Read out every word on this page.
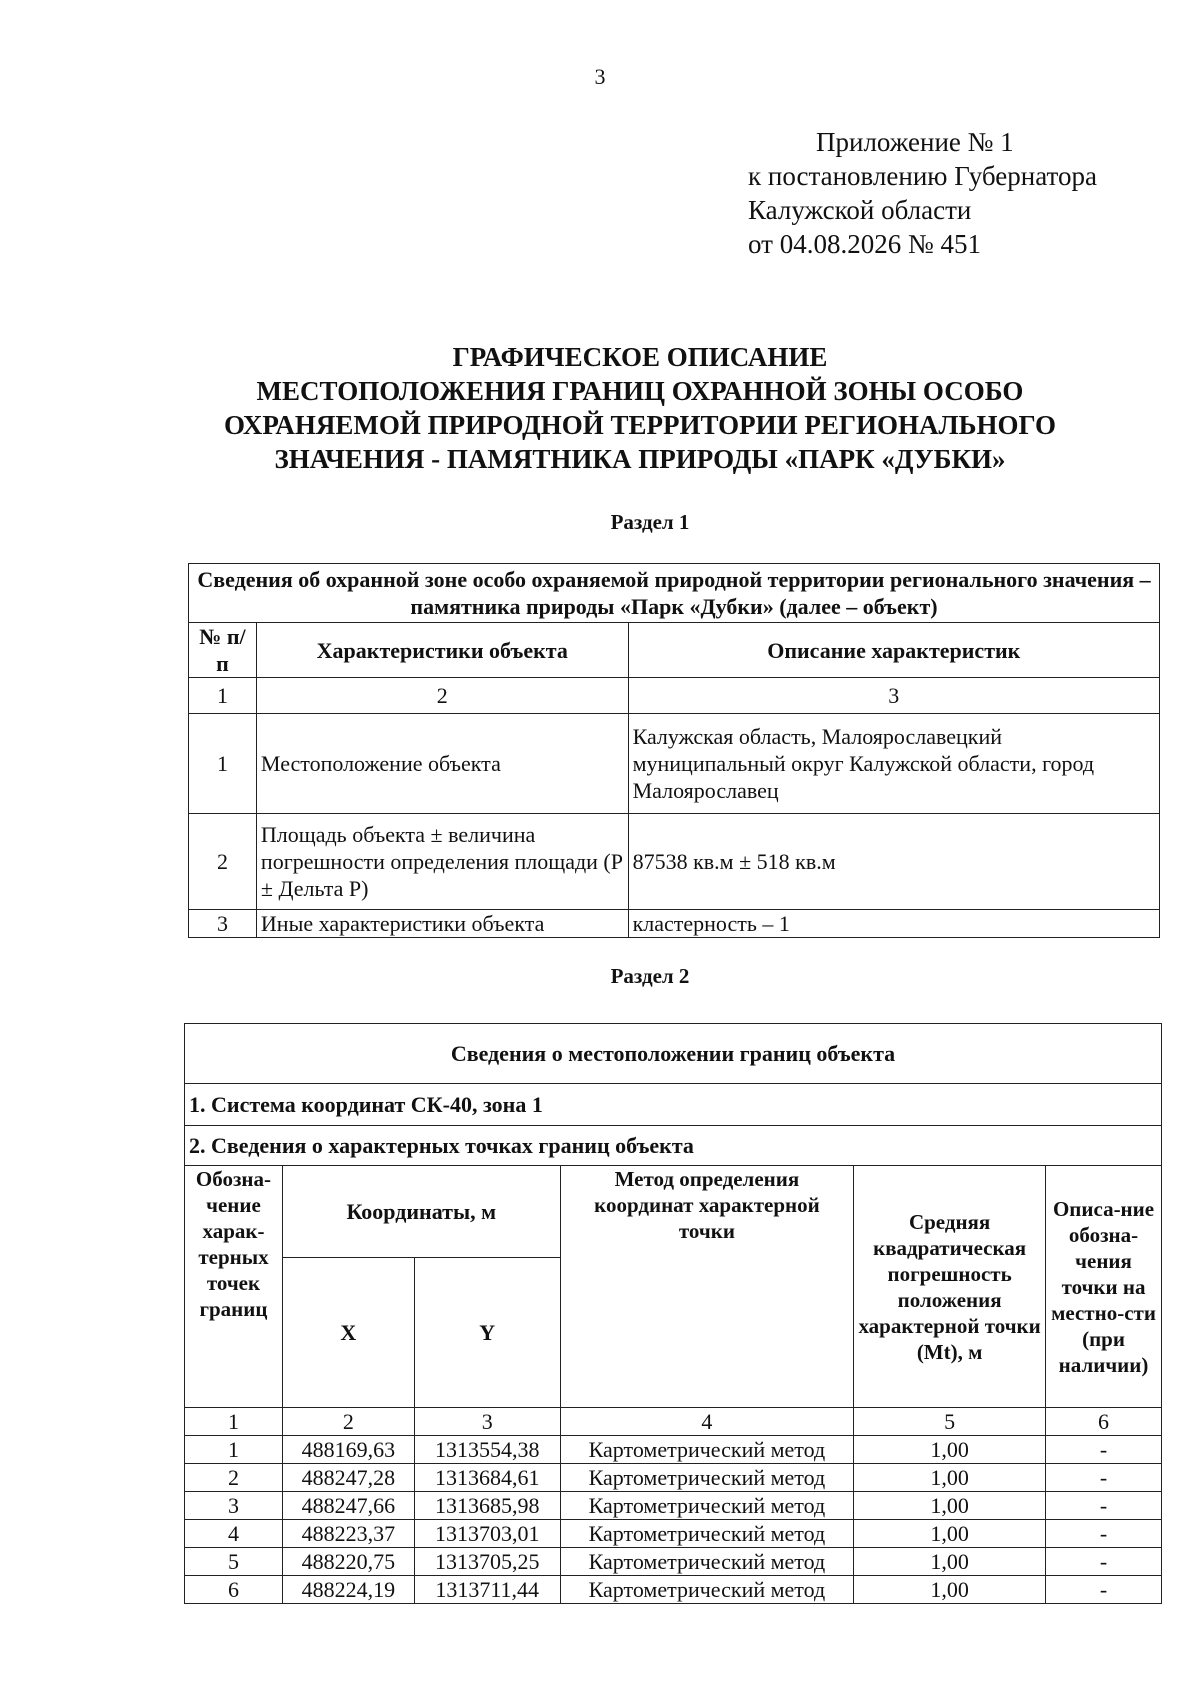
3
Приложение № 1
к постановлению Губернатора
Калужской области
от 04.08.2026 № 451
ГРАФИЧЕСКОЕ ОПИСАНИЕ
МЕСТОПОЛОЖЕНИЯ ГРАНИЦ ОХРАННОЙ ЗОНЫ ОСОБО
ОХРАНЯЕМОЙ ПРИРОДНОЙ ТЕРРИТОРИИ РЕГИОНАЛЬНОГО
ЗНАЧЕНИЯ - ПАМЯТНИКА ПРИРОДЫ «ПАРК «ДУБКИ»
Раздел 1
Сведения об охранной зоне особо охраняемой природной территории регионального значения – памятника природы «Парк «Дубки» (далее – объект)		
№ п/п	Характеристики объекта	Описание характеристик
1	2	3
1	Местоположение объекта	Калужская область, Малоярославецкий муниципальный округ Калужской области, город Малоярославец
2	Площадь объекта ± величина погрешности определения площади (Р ± Дельта Р)	87538 кв.м ± 518 кв.м
3	Иные характеристики объекта	кластерность – 1
Раздел 2
Сведения о местоположении границ объекта					
1. Система координат СК-40, зона 1					
2. Сведения о характерных точках границ объекта					
Обозна-чение харак-терных точек границ	Координаты, м		Метод определения координат характерной точки	Средняя квадратическая погрешность положения характерной точки (Mt), м	Описа-ние обозна-чения точки на местно-сти (при наличии)
	X	Y			
1	2	3	4	5	6
1	488169,63	1313554,38	Картометрический метод	1,00	-
2	488247,28	1313684,61	Картометрический метод	1,00	-
3	488247,66	1313685,98	Картометрический метод	1,00	-
4	488223,37	1313703,01	Картометрический метод	1,00	-
5	488220,75	1313705,25	Картометрический метод	1,00	-
6	488224,19	1313711,44	Картометрический метод	1,00	-
